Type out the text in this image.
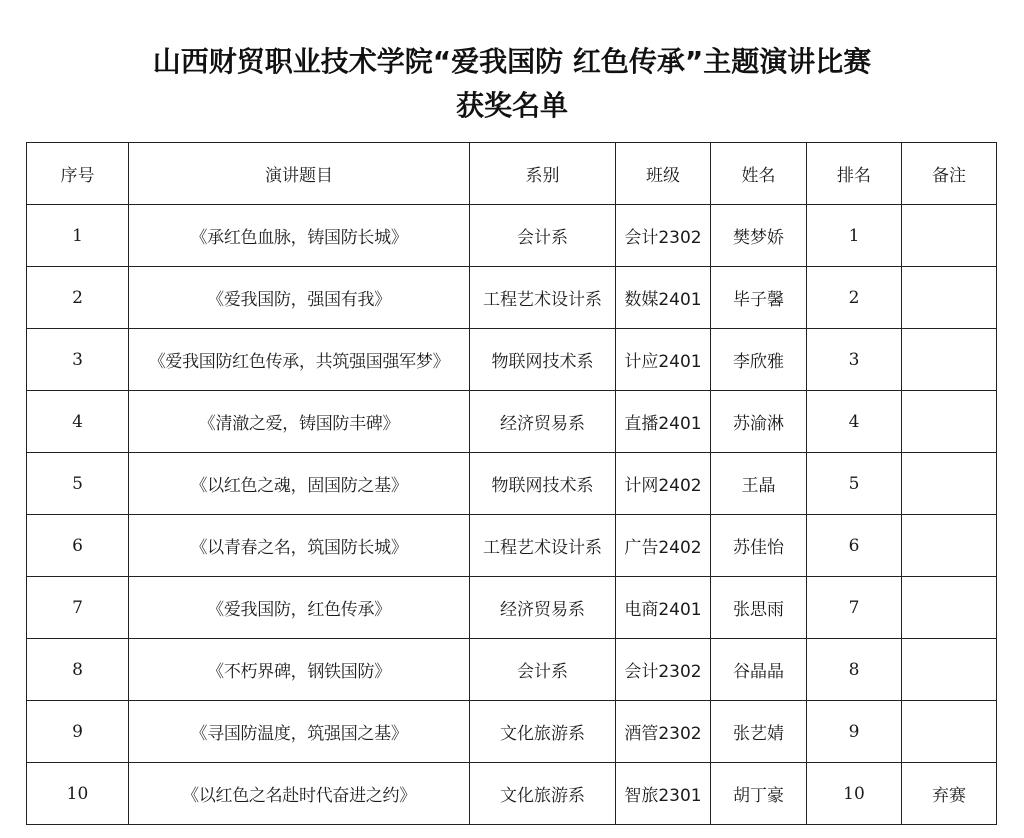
山西财贸职业技术学院“爱我国防 红色传承”主题演讲比赛
获奖名单
序号	演讲题目	系别	班级	姓名	排名	备注
1	《承红色血脉，铸国防长城》	会计系	会计2302	樊梦娇	1	
2	《爱我国防，强国有我》	工程艺术设计系	数媒2401	毕子馨	2	
3	《爱我国防红色传承，共筑强国强军梦》	物联网技术系	计应2401	李欣雅	3	
4	《清澈之爱，铸国防丰碑》	经济贸易系	直播2401	苏渝淋	4	
5	《以红色之魂，固国防之基》	物联网技术系	计网2402	王晶	5	
6	《以青春之名，筑国防长城》	工程艺术设计系	广告2402	苏佳怡	6	
7	《爱我国防，红色传承》	经济贸易系	电商2401	张思雨	7	
8	《不朽界碑，钢铁国防》	会计系	会计2302	谷晶晶	8	
9	《寻国防温度，筑强国之基》	文化旅游系	酒管2302	张艺婧	9	
10	《以红色之名赴时代奋进之约》	文化旅游系	智旅2301	胡丁豪	10	弃赛
